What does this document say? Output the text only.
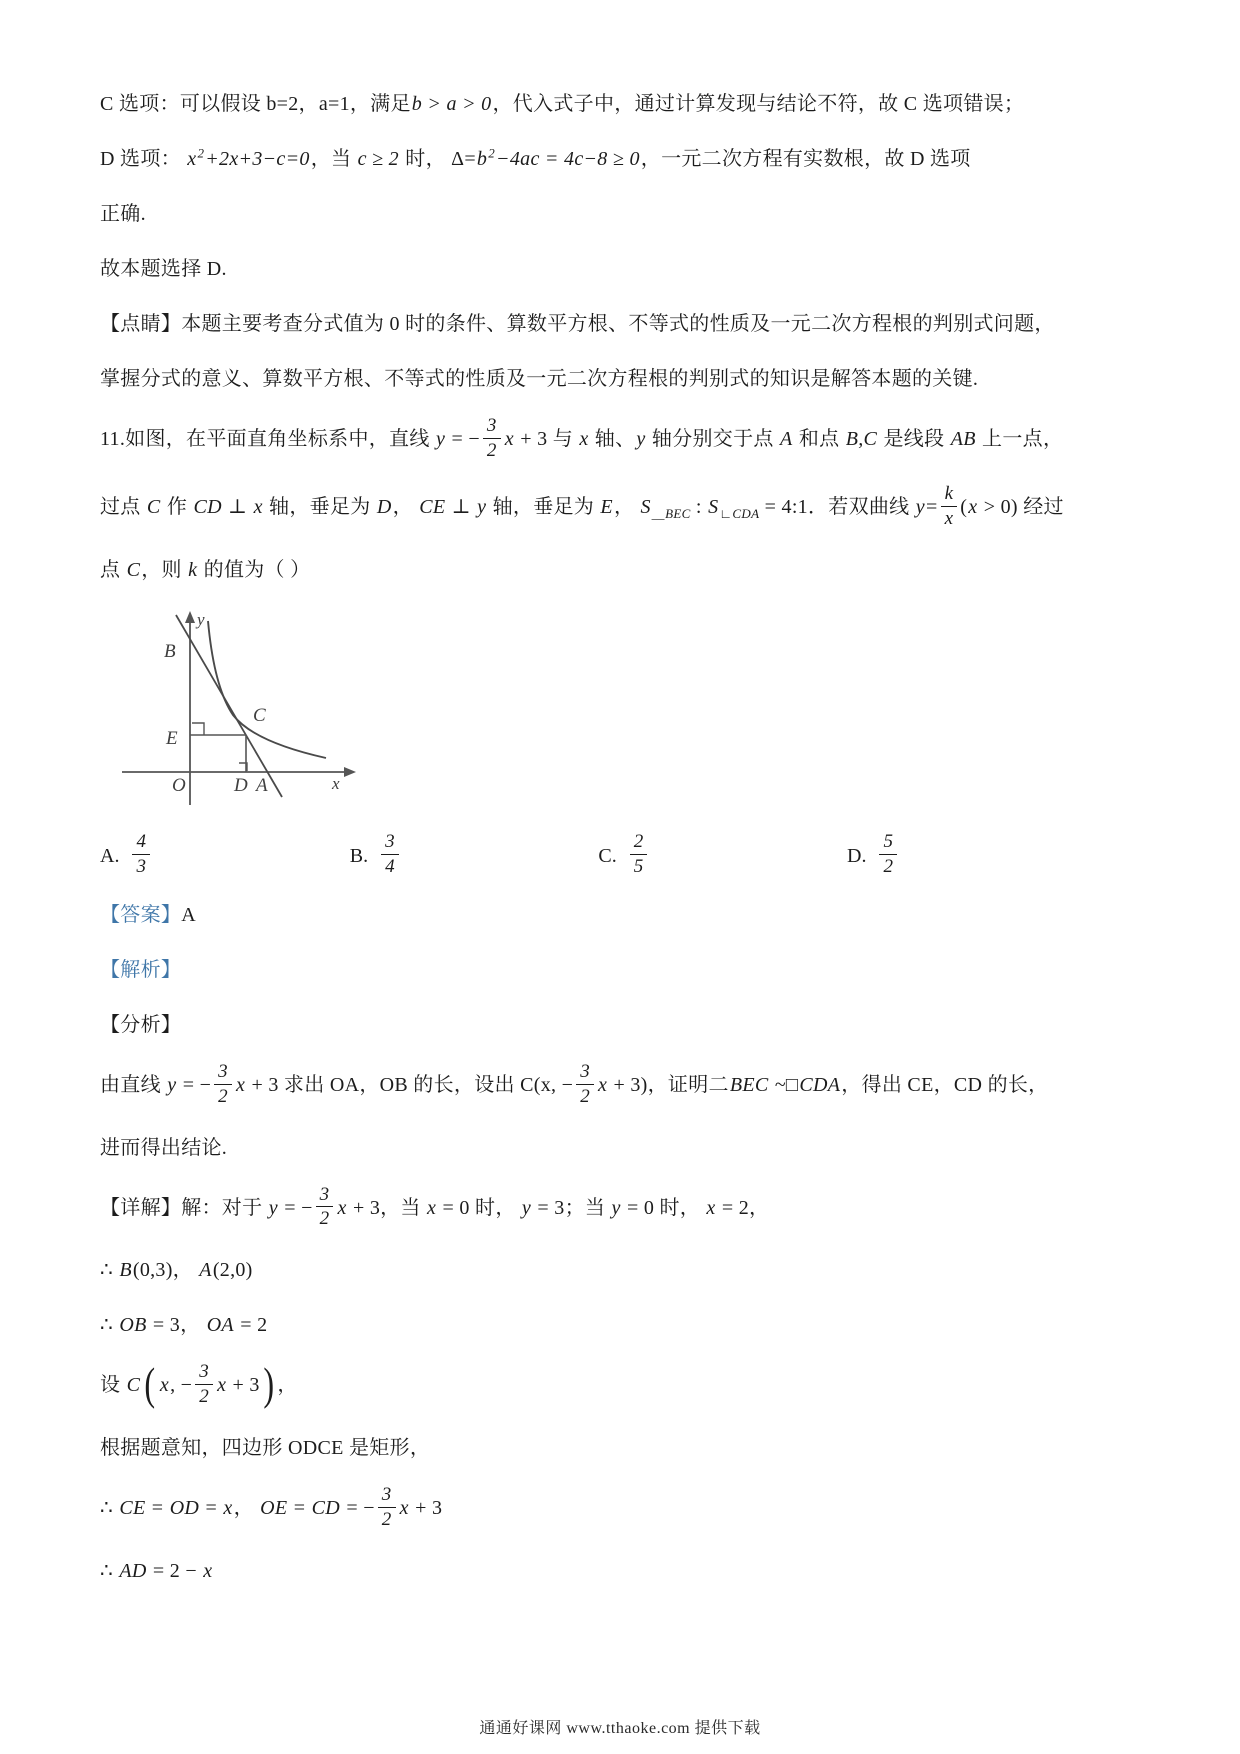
C 选项：可以假设 b=2，a=1，满足b > a > 0，代入式子中，通过计算发现与结论不符，故 C 选项错误；
D 选项： $x^2+2x+3-c=0$，当 c ≥ 2 时， $\Delta=b^2-4ac = 4c-8 \ge 0$，一元二次方程有实数根，故 D 选项
正确.
故本题选择 D.
【点睛】本题主要考查分式值为 0 时的条件、算数平方根、不等式的性质及一元二次方程根的判别式问题，
掌握分式的意义、算数平方根、不等式的性质及一元二次方程根的判别式的知识是解答本题的关键.
11.如图，在平面直角坐标系中，直线 y = − $\frac{3}{2}$ x + 3 与 x 轴、y 轴分别交于点 A 和点 B,C 是线段 AB 上一点，
过点 C 作 CD ⊥ x 轴，垂足为 D， CE ⊥ y 轴，垂足为 E， $S_{\_BEC}$ : $S_{∟CDA}$ = 4:1．若双曲线 $y= \frac{k}{x} (x > 0)$ 经过
点 C，则 k 的值为（ ）
y
B
E
C
O	D A	x
A. $\frac{4}{3}$	B. $\frac{3}{4}$	C. $\frac{2}{5}$	D. $\frac{5}{2}$
【答案】A
【解析】
【分析】
由直线 y = − $\frac{3}{2}$ x + 3 求出 OA，OB 的长，设出 C(x, − $\frac{3}{2}$ x + 3)，证明二BEC ~□CDA，得出 CE，CD 的长，
进而得出结论.
【详解】解：对于 y = − $\frac{3}{2}$ x + 3，当 x = 0 时， y = 3；当 y = 0 时， x = 2，
∴ B(0,3)， A(2,0)
∴ OB = 3， OA = 2
设 C( x, − $\frac{3}{2}$ x + 3) ，
根据题意知，四边形 ODCE 是矩形，
∴ CE = OD = x， OE = CD = − $\frac{3}{2}$ x + 3
∴ AD = 2 − x
通通好课网 www.tthaoke.com 提供下载
